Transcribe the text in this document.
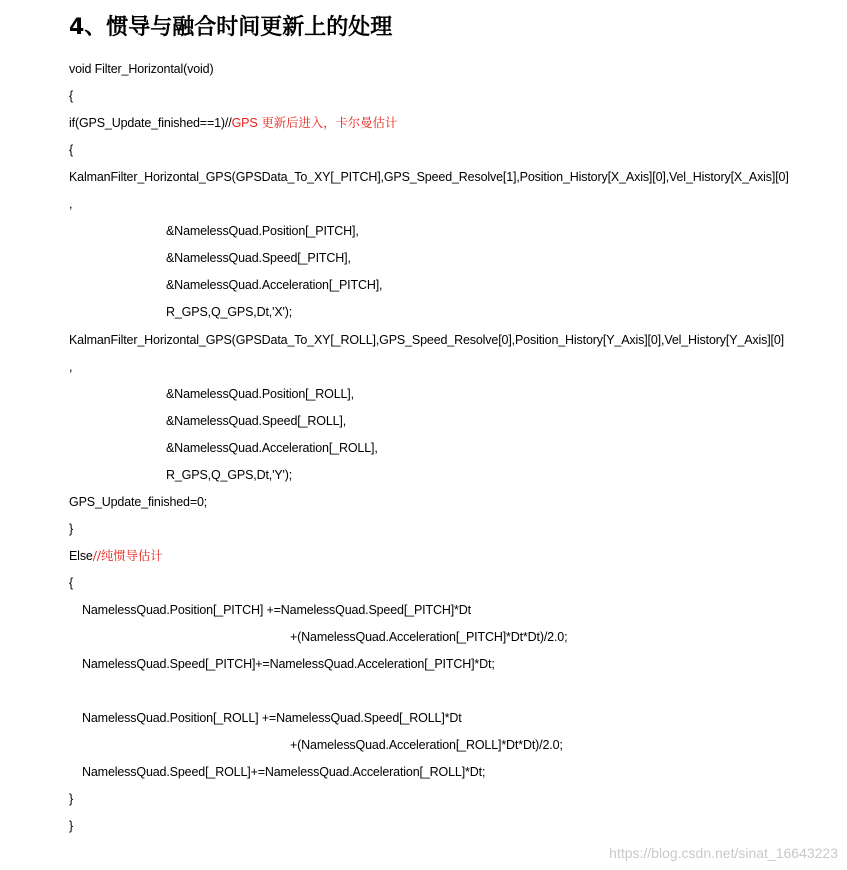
4、惯导与融合时间更新上的处理
void Filter_Horizontal(void)
{
if(GPS_Update_finished==1)//GPS 更新后进入，卡尔曼估计
{
KalmanFilter_Horizontal_GPS(GPSData_To_XY[_PITCH],GPS_Speed_Resolve[1],Position_History[X_Axis][0],Vel_History[X_Axis][0]
,
&NamelessQuad.Position[_PITCH],
&NamelessQuad.Speed[_PITCH],
&NamelessQuad.Acceleration[_PITCH],
R_GPS,Q_GPS,Dt,'X');
KalmanFilter_Horizontal_GPS(GPSData_To_XY[_ROLL],GPS_Speed_Resolve[0],Position_History[Y_Axis][0],Vel_History[Y_Axis][0]
,
&NamelessQuad.Position[_ROLL],
&NamelessQuad.Speed[_ROLL],
&NamelessQuad.Acceleration[_ROLL],
R_GPS,Q_GPS,Dt,'Y');
GPS_Update_finished=0;
}
Else//纯惯导估计
{
NamelessQuad.Position[_PITCH] +=NamelessQuad.Speed[_PITCH]*Dt
+(NamelessQuad.Acceleration[_PITCH]*Dt*Dt)/2.0;
NamelessQuad.Speed[_PITCH]+=NamelessQuad.Acceleration[_PITCH]*Dt;
NamelessQuad.Position[_ROLL] +=NamelessQuad.Speed[_ROLL]*Dt
+(NamelessQuad.Acceleration[_ROLL]*Dt*Dt)/2.0;
NamelessQuad.Speed[_ROLL]+=NamelessQuad.Acceleration[_ROLL]*Dt;
}
}
https://blog.csdn.net/sinat_16643223
